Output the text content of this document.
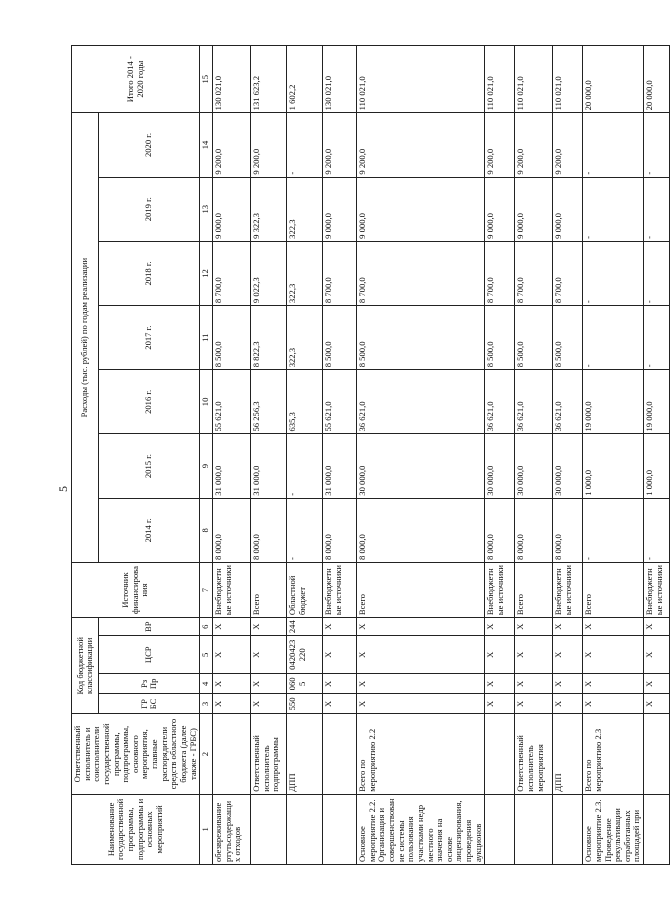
5
Наименование государственной программы, подпрограммы и основных мероприятий	Ответственный исполнитель и соисполнители государственной программы, подпрограммы, основного мероприятия, главные распорядители средств областного бюджета (далее также - ГРБС)	Код бюджетной классификации				Источник финансирования	Расходы (тыс. рублей) по годам реализации							Итого 2014 - 2020 годы
		ГР БС	Рз Пр	ЦСР	ВР		2014 г.	2015 г.	2016 г.	2017 г.	2018 г.	2019 г.	2020 г.	
1	2	3	4	5	6	7	8	9	10	11	12	13	14	15
обезвреживание ртутьсодержащих отходов		X	X	X	X	Внебюджетные источники	8 000,0	31 000,0	55 621,0	8 500,0	8 700,0	9 000,0	9 200,0	130 021,0
	Ответственный исполнитель подпрограммы	X	X	X	X	Всего	8 000,0	31 000,0	56 256,3	8 822,3	9 022,3	9 322,3	9 200,0	131 623,2
	ДПП	550	0605	0420423220	244	Областной бюджет	-	-	635,3	322,3	322,3	322,3	-	1 602,2
		X	X	X	X	Внебюджетные источники	8 000,0	31 000,0	55 621,0	8 500,0	8 700,0	9 000,0	9 200,0	130 021,0
Основное мероприятие 2.2. Организация и совершенствование системы пользования участками недр местного значения на основе лицензирования, проведения аукционов	Всего по мероприятию 2.2	X	X	X	X	Всего	8 000,0	30 000,0	36 621,0	8 500,0	8 700,0	9 000,0	9 200,0	110 021,0
		X	X	X	X	Внебюджетные источники	8 000,0	30 000,0	36 621,0	8 500,0	8 700,0	9 000,0	9 200,0	110 021,0
	Ответственный исполнитель мероприятия	X	X	X	X	Всего	8 000,0	30 000,0	36 621,0	8 500,0	8 700,0	9 000,0	9 200,0	110 021,0
	ДПП	X	X	X	X	Внебюджетные источники	8 000,0	30 000,0	36 621,0	8 500,0	8 700,0	9 000,0	9 200,0	110 021,0
Основное мероприятие 2.3. Проведение рекультивации отработанных площадей при	Всего по мероприятию 2.3	X	X	X	X	Всего	-	1 000,0	19 000,0	-	-	-	-	20 000,0
		X	X	X	X	Внебюджетные источники	-	1 000,0	19 000,0	-	-	-	-	20 000,0
